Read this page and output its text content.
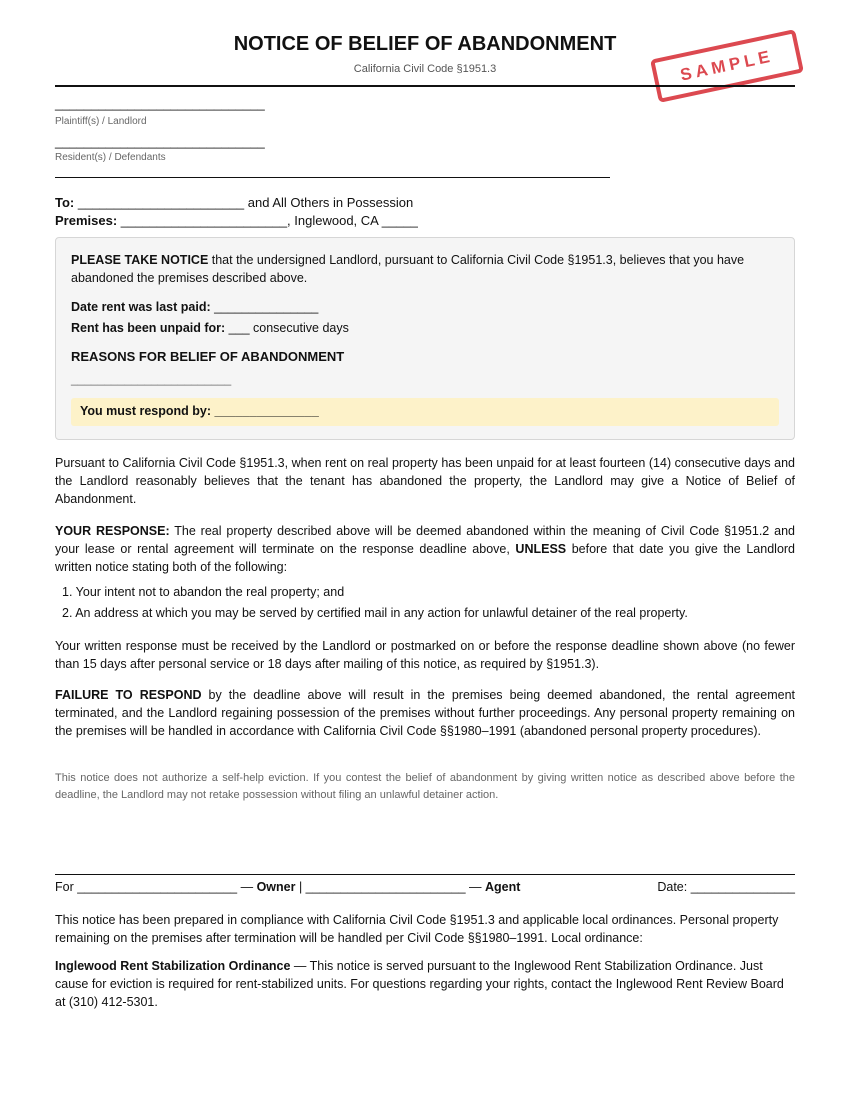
NOTICE OF BELIEF OF ABANDONMENT
California Civil Code §1951.3	SAMPLE
_____________________________
Plaintiff(s) / Landlord
_____________________________
Resident(s) / Defendants
To: _______________________ and All Others in Possession
Premises: _______________________, Inglewood, CA _____
PLEASE TAKE NOTICE that the undersigned Landlord, pursuant to California Civil Code §1951.3, believes that you have abandoned the premises described above.
Date rent was last paid: _______________
Rent has been unpaid for: ___ consecutive days
REASONS FOR BELIEF OF ABANDONMENT
________________________
You must respond by: _______________
Pursuant to California Civil Code §1951.3, when rent on real property has been unpaid for at least fourteen (14) consecutive days and the Landlord reasonably believes that the tenant has abandoned the property, the Landlord may give a Notice of Belief of Abandonment.
YOUR RESPONSE: The real property described above will be deemed abandoned within the meaning of Civil Code §1951.2 and your lease or rental agreement will terminate on the response deadline above, UNLESS before that date you give the Landlord written notice stating both of the following:
1. Your intent not to abandon the real property; and
2. An address at which you may be served by certified mail in any action for unlawful detainer of the real property.
Your written response must be received by the Landlord or postmarked on or before the response deadline shown above (no fewer than 15 days after personal service or 18 days after mailing of this notice, as required by §1951.3).
FAILURE TO RESPOND by the deadline above will result in the premises being deemed abandoned, the rental agreement terminated, and the Landlord regaining possession of the premises without further proceedings. Any personal property remaining on the premises will be handled in accordance with California Civil Code §§1980–1991 (abandoned personal property procedures).
This notice does not authorize a self-help eviction. If you contest the belief of abandonment by giving written notice as described above before the deadline, the Landlord may not retake possession without filing an unlawful detainer action.
For _______________________ — Owner | _______________________ — Agent	Date: _______________
This notice has been prepared in compliance with California Civil Code §1951.3 and applicable local ordinances. Personal property remaining on the premises after termination will be handled per Civil Code §§1980–1991. Local ordinance:
Inglewood Rent Stabilization Ordinance — This notice is served pursuant to the Inglewood Rent Stabilization Ordinance. Just cause for eviction is required for rent-stabilized units. For questions regarding your rights, contact the Inglewood Rent Review Board at (310) 412-5301.
